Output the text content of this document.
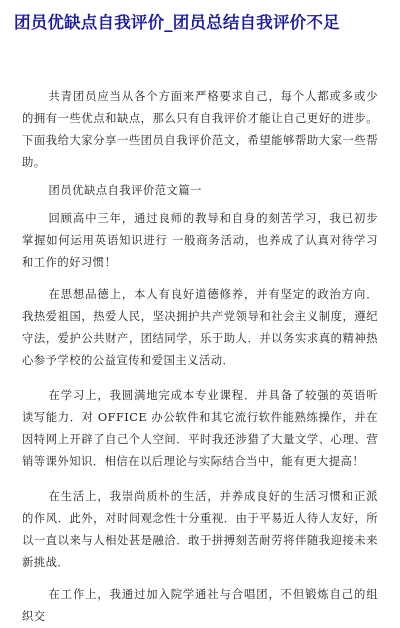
团员优缺点自我评价_团员总结自我评价不足

共青团员应当从各个方面来严格要求自己，每个人都或多或少的拥有一些优点和缺点，那么只有自我评价才能让自己更好的进步。下面我给大家分享一些团员自我评价范文，希望能够帮助大家一些帮助。

团员优缺点自我评价范文篇一

回顾高中三年，通过良师的教导和自身的刻苦学习，我已初步掌握如何运用英语知识进行 一般商务活动，也养成了认真对待学习和工作的好习惯！

在思想品德上，本人有良好道德修养，并有坚定的政治方向．我热爱祖国，热爱人民，坚决拥护共产党领导和社会主义制度，遵纪守法，爱护公共财产，团结同学，乐于助人．并以务实求真的精神热心参予学校的公益宣传和爱国主义活动．

在学习上，我圆满地完成本专业课程．并具备了较强的英语听读写能力．对 OFFICE 办公软件和其它流行软件能熟练操作，并在因特网上开辟了自己个人空间．平时我还涉猎了大量文学、心理、营销等课外知识．相信在以后理论与实际结合当中，能有更大提高！

在生活上，我崇尚质朴的生活，并养成良好的生活习惯和正派的作风．此外，对时间观念性十分重视．由于平易近人待人友好，所以一直以来与人相处甚是融洽．敢于拼搏刻苦耐劳将伴随我迎接未来新挑战．

在工作上，我通过加入院学通社与合唱团，不但锻炼自己的组织交
